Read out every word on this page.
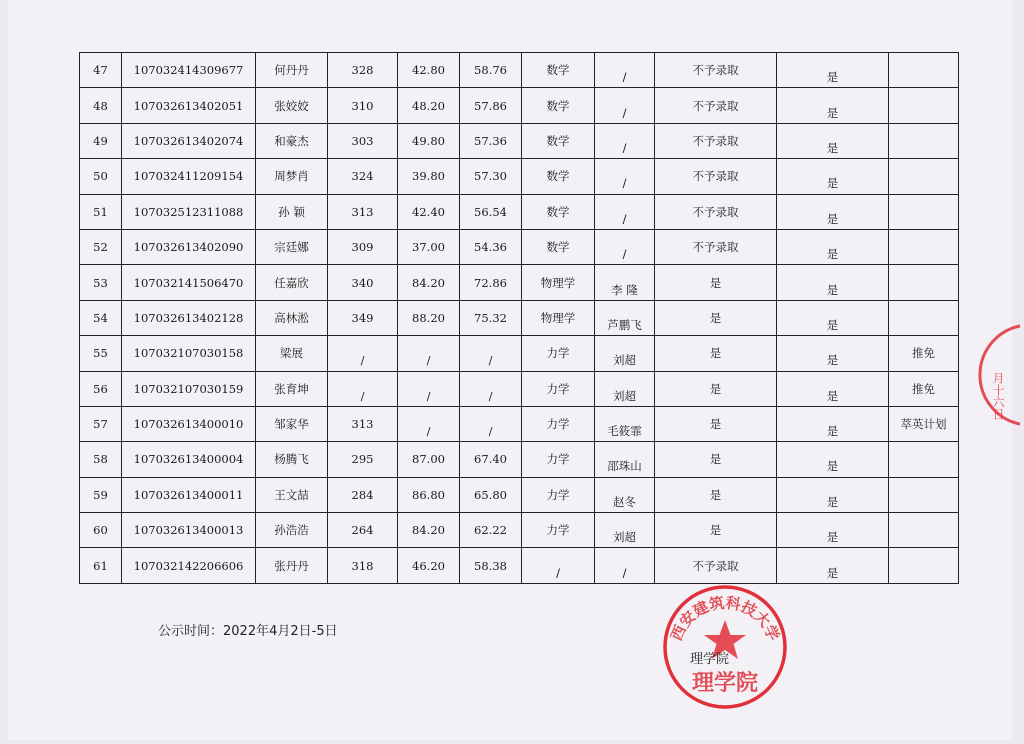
47	107032414309677	何丹丹	328	42.80	58.76	数学	/	不予录取	是	
48	107032613402051	张姣姣	310	48.20	57.86	数学	/	不予录取	是	
49	107032613402074	和豪杰	303	49.80	57.36	数学	/	不予录取	是	
50	107032411209154	周梦肖	324	39.80	57.30	数学	/	不予录取	是	
51	107032512311088	孙 颖	313	42.40	56.54	数学	/	不予录取	是	
52	107032613402090	宗廷娜	309	37.00	54.36	数学	/	不予录取	是	
53	107032141506470	任嘉欣	340	84.20	72.86	物理学	李 隆	是	是	
54	107032613402128	高林淞	349	88.20	75.32	物理学	芦鹏飞	是	是	
55	107032107030158	梁展	/	/	/	力学	刘超	是	是	推免
56	107032107030159	张育坤	/	/	/	力学	刘超	是	是	推免
57	107032613400010	邹家华	313	/	/	力学	毛筱霏	是	是	萃英计划
58	107032613400004	杨腾飞	295	87.00	67.40	力学	邵珠山	是	是	
59	107032613400011	王文喆	284	86.80	65.80	力学	赵冬	是	是	
60	107032613400013	孙浩浩	264	84.20	62.22	力学	刘超	是	是	
61	107032142206606	张丹丹	318	46.20	58.38	/	/	不予录取	是	
公示时间：2022年4月2日-5日	西安建筑科技大学
理学院
理学院
月十六日
